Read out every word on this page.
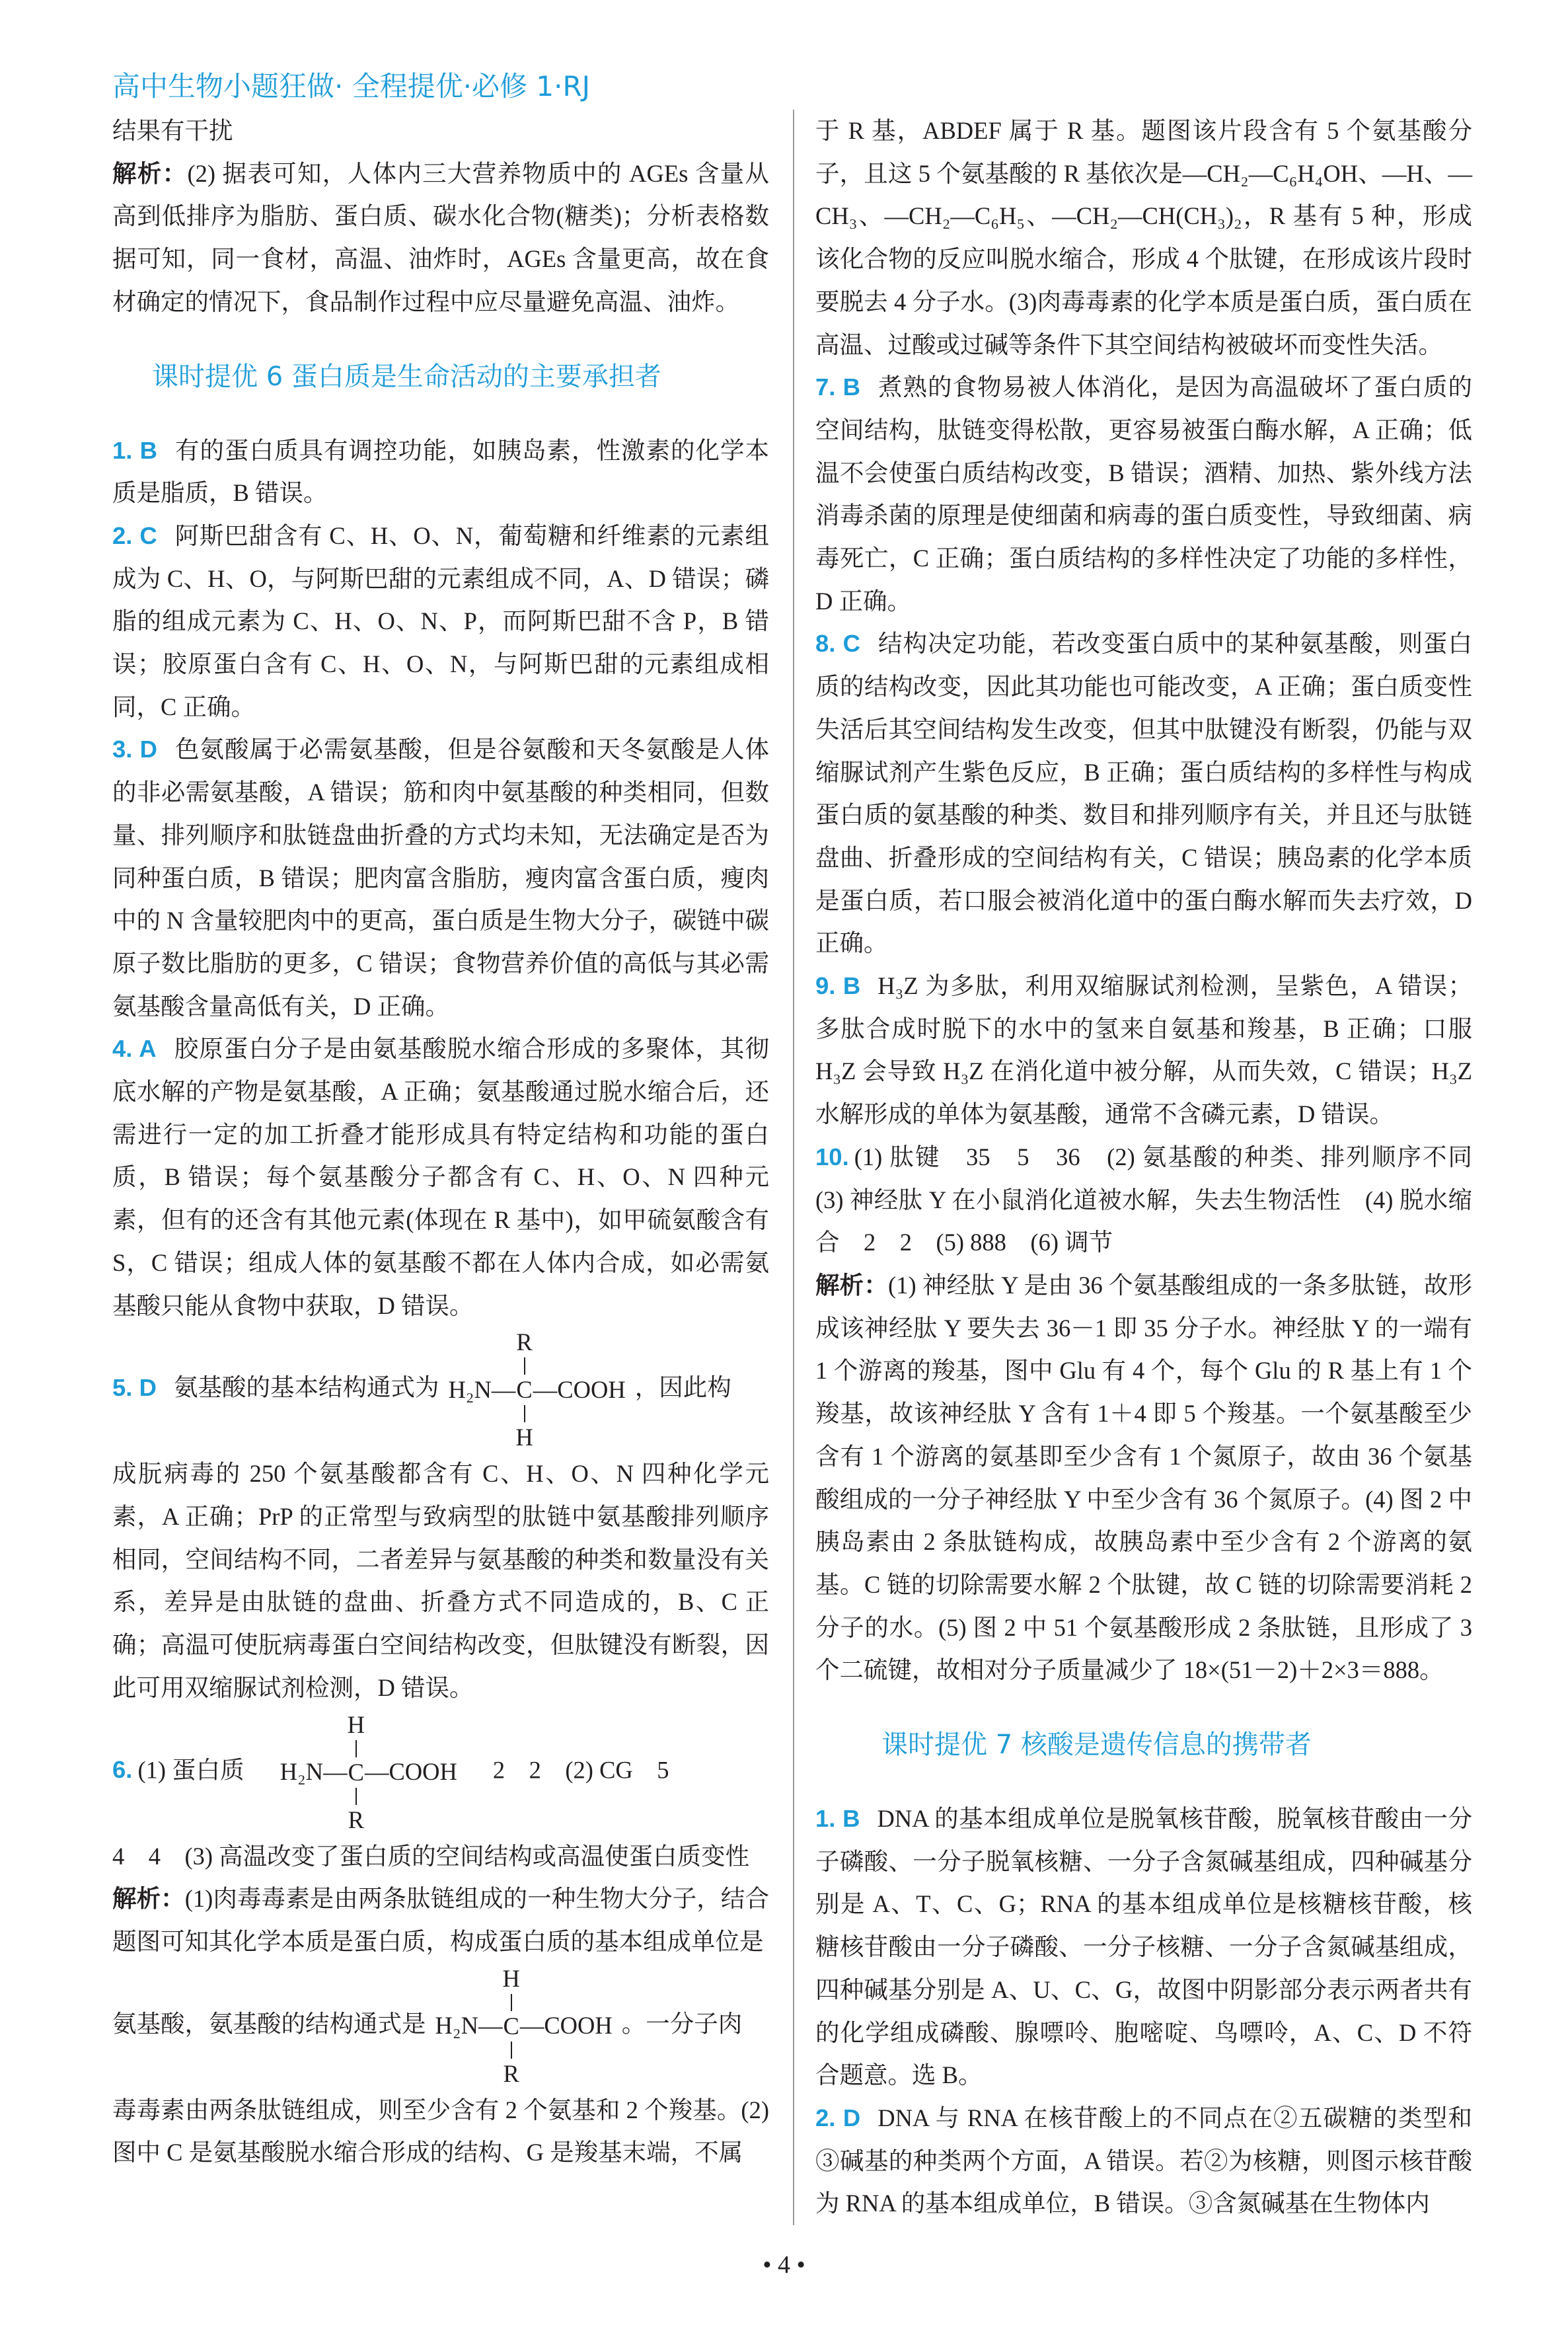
高中生物小题狂做· 全程提优·必修 1·RJ
结果有干扰
解析：(2) 据表可知，人体内三大营养物质中的 AGEs 含量从高到低排序为脂肪、蛋白质、碳水化合物(糖类)；分析表格数据可知，同一食材，高温、油炸时，AGEs 含量更高，故在食材确定的情况下，食品制作过程中应尽量避免高温、油炸。
课时提优 6 蛋白质是生命活动的主要承担者
1. B 有的蛋白质具有调控功能，如胰岛素，性激素的化学本质是脂质，B 错误。
2. C 阿斯巴甜含有 C、H、O、N，葡萄糖和纤维素的元素组成为 C、H、O，与阿斯巴甜的元素组成不同，A、D 错误；磷脂的组成元素为 C、H、O、N、P，而阿斯巴甜不含 P，B 错误；胶原蛋白含有 C、H、O、N，与阿斯巴甜的元素组成相同，C 正确。
3. D 色氨酸属于必需氨基酸，但是谷氨酸和天冬氨酸是人体的非必需氨基酸，A 错误；筋和肉中氨基酸的种类相同，但数量、排列顺序和肽链盘曲折叠的方式均未知，无法确定是否为同种蛋白质，B 错误；肥肉富含脂肪，瘦肉富含蛋白质，瘦肉中的 N 含量较肥肉中的更高，蛋白质是生物大分子，碳链中碳原子数比脂肪的更多，C 错误；食物营养价值的高低与其必需氨基酸含量高低有关，D 正确。
4. A 胶原蛋白分子是由氨基酸脱水缩合形成的多聚体，其彻底水解的产物是氨基酸，A 正确；氨基酸通过脱水缩合后，还需进行一定的加工折叠才能形成具有特定结构和功能的蛋白质，B 错误；每个氨基酸分子都含有 C、H、O、N 四种元素，但有的还含有其他元素(体现在 R 基中)，如甲硫氨酸含有 S，C 错误；组成人体的氨基酸不都在人体内合成，如必需氨基酸只能从食物中获取，D 错误。
5. D 氨基酸的基本结构通式为 H₂N—
R
C
H
—COOH ，因此构
成朊病毒的 250 个氨基酸都含有 C、H、O、N 四种化学元素，A 正确；PrP 的正常型与致病型的肽链中氨基酸排列顺序相同，空间结构不同，二者差异与氨基酸的种类和数量没有关系，差异是由肽链的盘曲、折叠方式不同造成的，B、C 正确；高温可使朊病毒蛋白空间结构改变，但肽键没有断裂，因此可用双缩脲试剂检测，D 错误。
6. (1) 蛋白质 H₂N—
H
C
R
—COOH 2　2　(2) CG　5
4　4　(3) 高温改变了蛋白质的空间结构或高温使蛋白质变性
解析：(1)肉毒毒素是由两条肽链组成的一种生物大分子，结合题图可知其化学本质是蛋白质，构成蛋白质的基本组成单位是
氨基酸，氨基酸的结构通式是 H₂N—
H
C
R
—COOH 。一分子肉
毒毒素由两条肽链组成，则至少含有 2 个氨基和 2 个羧基。(2)图中 C 是氨基酸脱水缩合形成的结构、G 是羧基末端，不属
于 R 基，ABDEF 属于 R 基。题图该片段含有 5 个氨基酸分子，且这 5 个氨基酸的 R 基依次是—CH₂—C₆H₄OH、—H、—CH₃、—CH₂—C₆H₅、—CH₂—CH(CH₃)₂，R 基有 5 种，形成该化合物的反应叫脱水缩合，形成 4 个肽键，在形成该片段时要脱去 4 分子水。(3)肉毒毒素的化学本质是蛋白质，蛋白质在高温、过酸或过碱等条件下其空间结构被破坏而变性失活。
7. B 煮熟的食物易被人体消化，是因为高温破坏了蛋白质的空间结构，肽链变得松散，更容易被蛋白酶水解，A 正确；低温不会使蛋白质结构改变，B 错误；酒精、加热、紫外线方法消毒杀菌的原理是使细菌和病毒的蛋白质变性，导致细菌、病毒死亡，C 正确；蛋白质结构的多样性决定了功能的多样性，D 正确。
8. C 结构决定功能，若改变蛋白质中的某种氨基酸，则蛋白质的结构改变，因此其功能也可能改变，A 正确；蛋白质变性失活后其空间结构发生改变，但其中肽键没有断裂，仍能与双缩脲试剂产生紫色反应，B 正确；蛋白质结构的多样性与构成蛋白质的氨基酸的种类、数目和排列顺序有关，并且还与肽链盘曲、折叠形成的空间结构有关，C 错误；胰岛素的化学本质是蛋白质，若口服会被消化道中的蛋白酶水解而失去疗效，D 正确。
9. B H₃Z 为多肽，利用双缩脲试剂检测，呈紫色，A 错误；多肽合成时脱下的水中的氢来自氨基和羧基，B 正确；口服 H₃Z 会导致 H₃Z 在消化道中被分解，从而失效，C 错误；H₃Z 水解形成的单体为氨基酸，通常不含磷元素，D 错误。
10. (1) 肽键　35　5　36　(2) 氨基酸的种类、排列顺序不同 (3) 神经肽 Y 在小鼠消化道被水解，失去生物活性　(4) 脱水缩合　2　2　(5) 888　(6) 调节
解析：(1) 神经肽 Y 是由 36 个氨基酸组成的一条多肽链，故形成该神经肽 Y 要失去 36－1 即 35 分子水。神经肽 Y 的一端有 1 个游离的羧基，图中 Glu 有 4 个，每个 Glu 的 R 基上有 1 个羧基，故该神经肽 Y 含有 1＋4 即 5 个羧基。一个氨基酸至少含有 1 个游离的氨基即至少含有 1 个氮原子，故由 36 个氨基酸组成的一分子神经肽 Y 中至少含有 36 个氮原子。(4) 图 2 中胰岛素由 2 条肽链构成，故胰岛素中至少含有 2 个游离的氨基。C 链的切除需要水解 2 个肽键，故 C 链的切除需要消耗 2 分子的水。(5) 图 2 中 51 个氨基酸形成 2 条肽链，且形成了 3 个二硫键，故相对分子质量减少了 18×(51－2)＋2×3＝888。
课时提优 7 核酸是遗传信息的携带者
1. B DNA 的基本组成单位是脱氧核苷酸，脱氧核苷酸由一分子磷酸、一分子脱氧核糖、一分子含氮碱基组成，四种碱基分别是 A、T、C、G；RNA 的基本组成单位是核糖核苷酸，核糖核苷酸由一分子磷酸、一分子核糖、一分子含氮碱基组成，四种碱基分别是 A、U、C、G，故图中阴影部分表示两者共有的化学组成磷酸、腺嘌呤、胞嘧啶、鸟嘌呤，A、C、D 不符合题意。选 B。
2. D DNA 与 RNA 在核苷酸上的不同点在②五碳糖的类型和③碱基的种类两个方面，A 错误。若②为核糖，则图示核苷酸为 RNA 的基本组成单位，B 错误。③含氮碱基在生物体内
• 4 •
